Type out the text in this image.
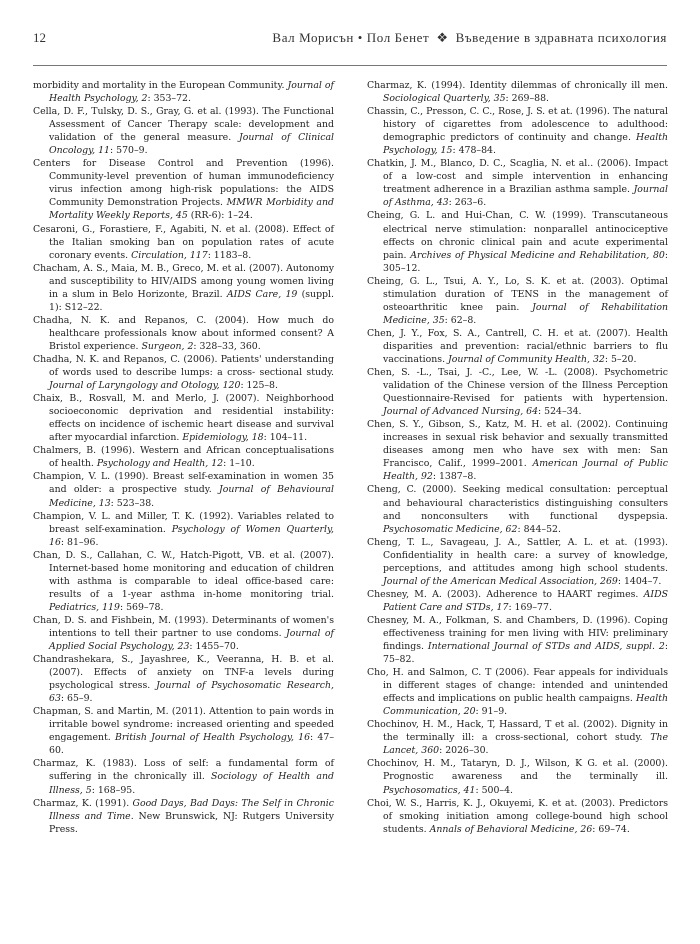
12	Вал Морисън • Пол Бенет ❖ Въведение в здравната психология

morbidity and mortality in the European Community. Journal of Health Psychology, 2: 353–72.

Cella, D. F., Tulsky, D. S., Gray, G. et al. (1993). The Functional Assessment of Cancer Therapy scale: development and validation of the general measure. Journal of Clinical Oncology, 11: 570–9.

Centers for Disease Control and Prevention (1996). Community-level prevention of human immunodeficiency virus infection among high-risk populations: the AIDS Community Demonstration Projects. MMWR Morbidity and Mortality Weekly Reports, 45 (RR-6): 1–24.

Cesaroni, G., Forastiere, F., Agabiti, N. et al. (2008). Effect of the Italian smoking ban on population rates of acute coronary events. Circulation, 117: 1183–8.

Chacham, A. S., Maia, M. B., Greco, M. et al. (2007). Autonomy and susceptibility to HIV/AIDS among young women living in a slum in Belo Horizonte, Brazil. AIDS Care, 19 (suppl. 1): S12–22.

Chadha, N. K. and Repanos, C. (2004). How much do healthcare professionals know about informed consent? A Bristol experience. Surgeon, 2: 328–33, 360.

Chadha, N. K. and Repanos, C. (2006). Patients' understanding of words used to describe lumps: a cross- sectional study. Journal of Laryngology and Otology, 120: 125–8.

Chaix, B., Rosvall, M. and Merlo, J. (2007). Neighborhood socioeconomic deprivation and residential instability: effects on incidence of ischemic heart disease and survival after myocardial infarction. Epidemiology, 18: 104–11.

Chalmers, B. (1996). Western and African conceptualisations of health. Psychology and Health, 12: 1–10.

Champion, V. L. (1990). Breast self-examination in women 35 and older: a prospective study. Journal of Behavioural Medicine, 13: 523–38.

Champion, V. L. and Miller, T. K. (1992). Variables related to breast self-examination. Psychology of Women Quarterly, 16: 81–96.

Chan, D. S., Callahan, C. W., Hatch-Pigott, VB. et al. (2007). Internet-based home monitoring and education of children with asthma is comparable to ideal office-based care: results of a 1-year asthma in-home monitoring trial. Pediatrics, 119: 569–78.

Chan, D. S. and Fishbein, M. (1993). Determinants of women's intentions to tell their partner to use condoms. Journal of Applied Social Psychology, 23: 1455–70.

Chandrashekara, S., Jayashree, K., Veeranna, H. B. et al. (2007). Effects of anxiety on TNF-a levels during psychological stress. Journal of Psychosomatic Research, 63: 65–9.

Chapman, S. and Martin, M. (2011). Attention to pain words in irritable bowel syndrome: increased orienting and speeded engagement. British Journal of Health Psychology, 16: 47–60.

Charmaz, K. (1983). Loss of self: a fundamental form of suffering in the chronically ill. Sociology of Health and Illness, 5: 168–95.

Charmaz, K. (1991). Good Days, Bad Days: The Self in Chronic Illness and Time. New Brunswick, NJ: Rutgers University Press.

Charmaz, K. (1994). Identity dilemmas of chronically ill men. Sociological Quarterly, 35: 269–88.

Chassin, C., Presson, C. C., Rose, J. S. et at. (1996). The natural history of cigarettes from adolescence to adulthood: demographic predictors of continuity and change. Health Psychology, 15: 478–84.

Chatkin, J. M., Blanco, D. C., Scaglia, N. et al.. (2006). Impact of a low-cost and simple intervention in enhancing treatment adherence in a Brazilian asthma sample. Journal of Asthma, 43: 263–6.

Cheing, G. L. and Hui-Chan, C. W. (1999). Transcutaneous electrical nerve stimulation: nonparallel antinociceptive effects on chronic clinical pain and acute experimental pain. Archives of Physical Medicine and Rehabilitation, 80: 305–12.

Cheing, G. L., Tsui, A. Y., Lo, S. K. et at. (2003). Optimal stimulation duration of TENS in the management of osteoarthritic knee pain. Journal of Rehabilitation Medicine, 35: 62–8.

Chen, J. Y., Fox, S. A., Cantrell, C. H. et at. (2007). Health disparities and prevention: racial/ethnic barriers to flu vaccinations. Journal of Community Health, 32: 5–20.

Chen, S. -L., Tsai, J. -C., Lee, W. -L. (2008). Psychometric validation of the Chinese version of the Illness Perception Questionnaire-Revised for patients with hypertension. Journal of Advanced Nursing, 64: 524–34.

Chen, S. Y., Gibson, S., Katz, M. H. et al. (2002). Continuing increases in sexual risk behavior and sexually transmitted diseases among men who have sex with men: San Francisco, Calif., 1999–2001. American Journal of Public Health, 92: 1387–8.

Cheng, C. (2000). Seeking medical consultation: perceptual and behavioural characteristics distinguishing consulters and nonconsulters with functional dyspepsia. Psychosomatic Medicine, 62: 844–52.

Cheng, T. L., Savageau, J. A., Sattler, A. L. et at. (1993). Confidentiality in health care: a survey of knowledge, perceptions, and attitudes among high school students. Journal of the American Medical Association, 269: 1404–7.

Chesney, M. A. (2003). Adherence to HAART regimes. AIDS Patient Care and STDs, 17: 169–77.

Chesney, M. A., Folkman, S. and Chambers, D. (1996). Coping effectiveness training for men living with HIV: preliminary findings. International Journal of STDs and AIDS, suppl. 2: 75–82.

Cho, H. and Salmon, C. T (2006). Fear appeals for individuals in different stages of change: intended and unintended effects and implications on public health campaigns. Health Communication, 20: 91–9.

Chochinov, H. M., Hack, T, Hassard, T et al. (2002). Dignity in the terminally ill: a cross-sectional, cohort study. The Lancet, 360: 2026–30.

Chochinov, H. M., Tataryn, D. J., Wilson, K G. et al. (2000). Prognostic awareness and the terminally ill. Psychosomatics, 41: 500–4.

Choi, W. S., Harris, K. J., Okuyemi, K. et at. (2003). Predictors of smoking initiation among college-bound high school students. Annals of Behavioral Medicine, 26: 69–74.
